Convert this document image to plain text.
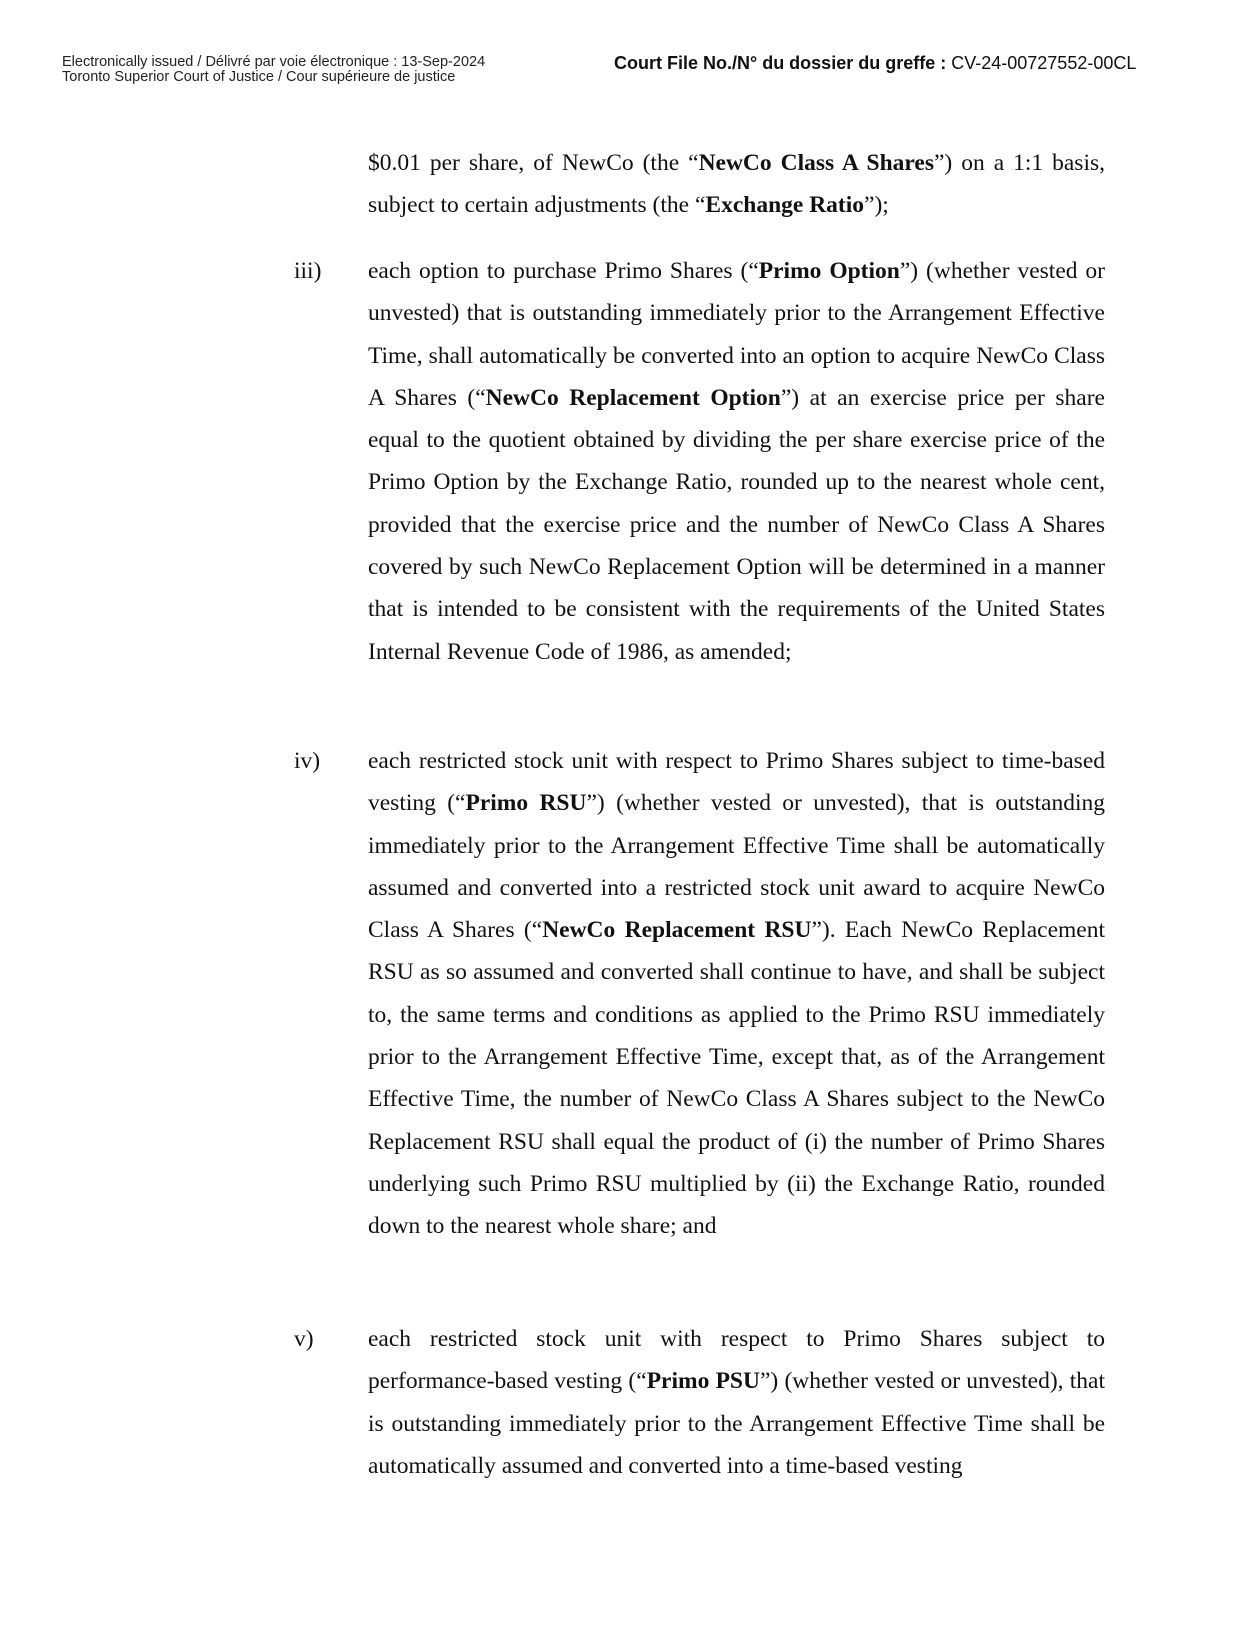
Electronically issued / Délivré par voie électronique : 13-Sep-2024
Toronto Superior Court of Justice / Cour supérieure de justice
Court File No./N° du dossier du greffe : CV-24-00727552-00CL
$0.01 per share, of NewCo (the “NewCo Class A Shares”) on a 1:1 basis, subject to certain adjustments (the “Exchange Ratio”);
iii) each option to purchase Primo Shares (“Primo Option”) (whether vested or unvested) that is outstanding immediately prior to the Arrangement Effective Time, shall automatically be converted into an option to acquire NewCo Class A Shares (“NewCo Replacement Option”) at an exercise price per share equal to the quotient obtained by dividing the per share exercise price of the Primo Option by the Exchange Ratio, rounded up to the nearest whole cent, provided that the exercise price and the number of NewCo Class A Shares covered by such NewCo Replacement Option will be determined in a manner that is intended to be consistent with the requirements of the United States Internal Revenue Code of 1986, as amended;
iv) each restricted stock unit with respect to Primo Shares subject to time-based vesting (“Primo RSU”) (whether vested or unvested), that is outstanding immediately prior to the Arrangement Effective Time shall be automatically assumed and converted into a restricted stock unit award to acquire NewCo Class A Shares (“NewCo Replacement RSU”). Each NewCo Replacement RSU as so assumed and converted shall continue to have, and shall be subject to, the same terms and conditions as applied to the Primo RSU immediately prior to the Arrangement Effective Time, except that, as of the Arrangement Effective Time, the number of NewCo Class A Shares subject to the NewCo Replacement RSU shall equal the product of (i) the number of Primo Shares underlying such Primo RSU multiplied by (ii) the Exchange Ratio, rounded down to the nearest whole share; and
v) each restricted stock unit with respect to Primo Shares subject to performance-based vesting (“Primo PSU”) (whether vested or unvested), that is outstanding immediately prior to the Arrangement Effective Time shall be automatically assumed and converted into a time-based vesting
